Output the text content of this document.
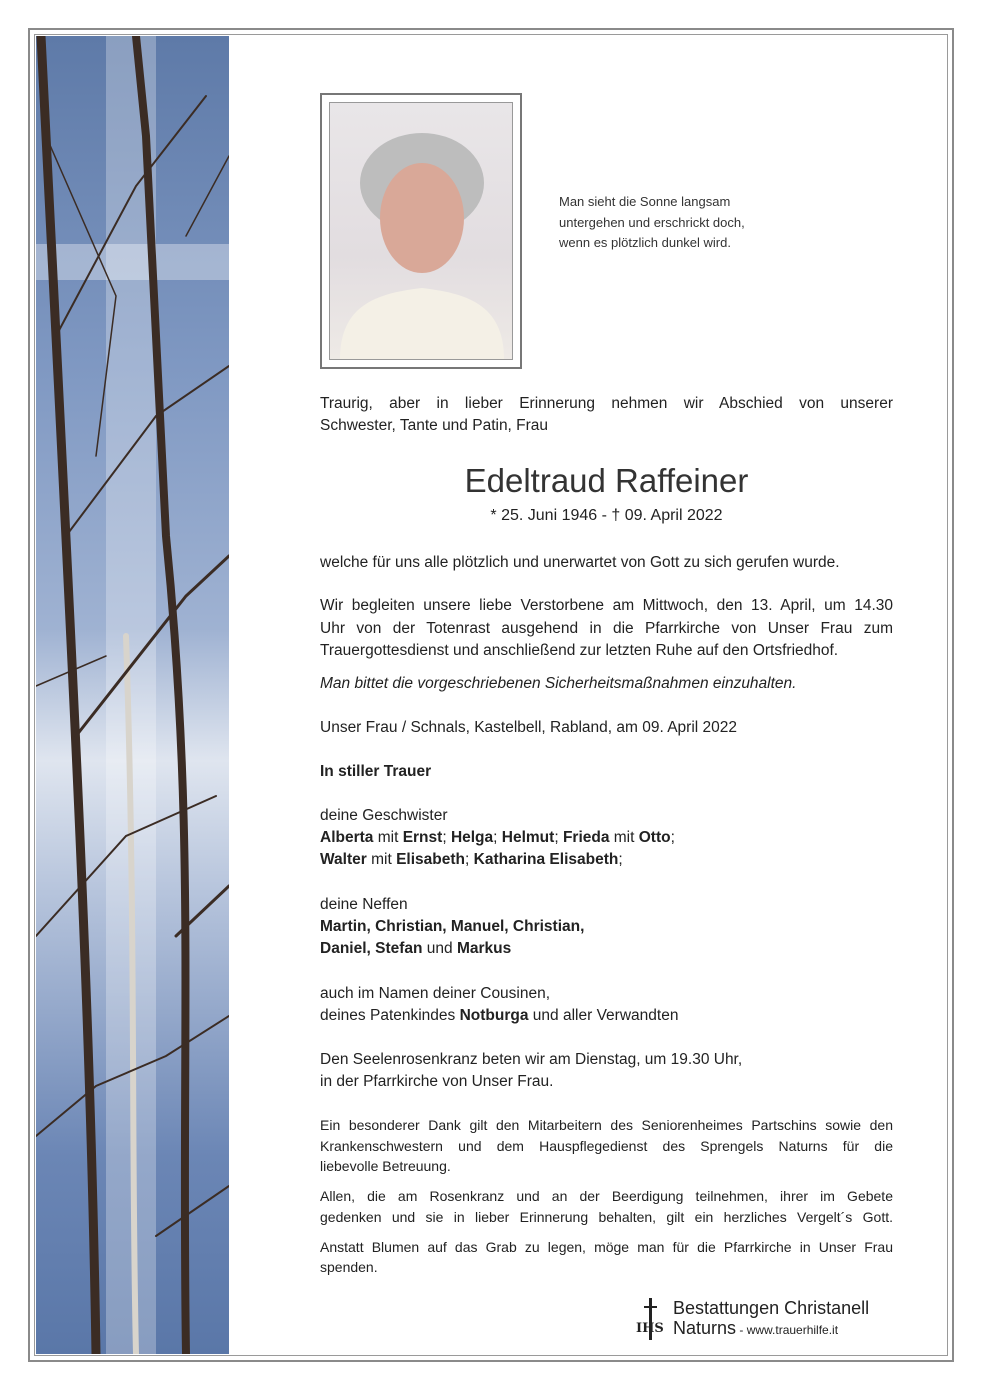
Man sieht die Sonne langsam
untergehen und erschrickt doch,
wenn es plötzlich dunkel wird.
Traurig, aber in lieber Erinnerung nehmen wir Abschied von unserer
Schwester, Tante und Patin, Frau
Edeltraud Raffeiner
* 25. Juni 1946 - † 09. April 2022
welche für uns alle plötzlich und unerwartet von Gott zu sich gerufen wurde.
Wir begleiten unsere liebe Verstorbene am Mittwoch, den 13. April, um 14.30
Uhr von der Totenrast ausgehend in die Pfarrkirche von Unser Frau zum
Trauergottesdienst und anschließend zur letzten Ruhe auf den Ortsfriedhof.
Man bittet die vorgeschriebenen Sicherheitsmaßnahmen einzuhalten.
Unser Frau / Schnals, Kastelbell, Rabland, am 09. April 2022
In stiller Trauer
deine Geschwister
Alberta mit Ernst; Helga; Helmut; Frieda mit Otto;
Walter mit Elisabeth; Katharina Elisabeth;
deine Neffen
Martin, Christian, Manuel, Christian,
Daniel, Stefan und Markus
auch im Namen deiner Cousinen,
deines Patenkindes Notburga und aller Verwandten
Den Seelenrosenkranz beten wir am Dienstag, um 19.30 Uhr,
in der Pfarrkirche von Unser Frau.
Ein besonderer Dank gilt den Mitarbeitern des Seniorenheimes Partschins sowie den
Krankenschwestern und dem Hauspflegedienst des Sprengels Naturns für die
liebevolle Betreuung.
Allen, die am Rosenkranz und an der Beerdigung teilnehmen, ihrer im Gebete
gedenken und sie in lieber Erinnerung behalten, gilt ein herzliches Vergelt´s Gott.
Anstatt Blumen auf das Grab zu legen, möge man für die Pfarrkirche in Unser Frau
spenden.
IHS
Bestattungen Christanell
Naturns - www.trauerhilfe.it
